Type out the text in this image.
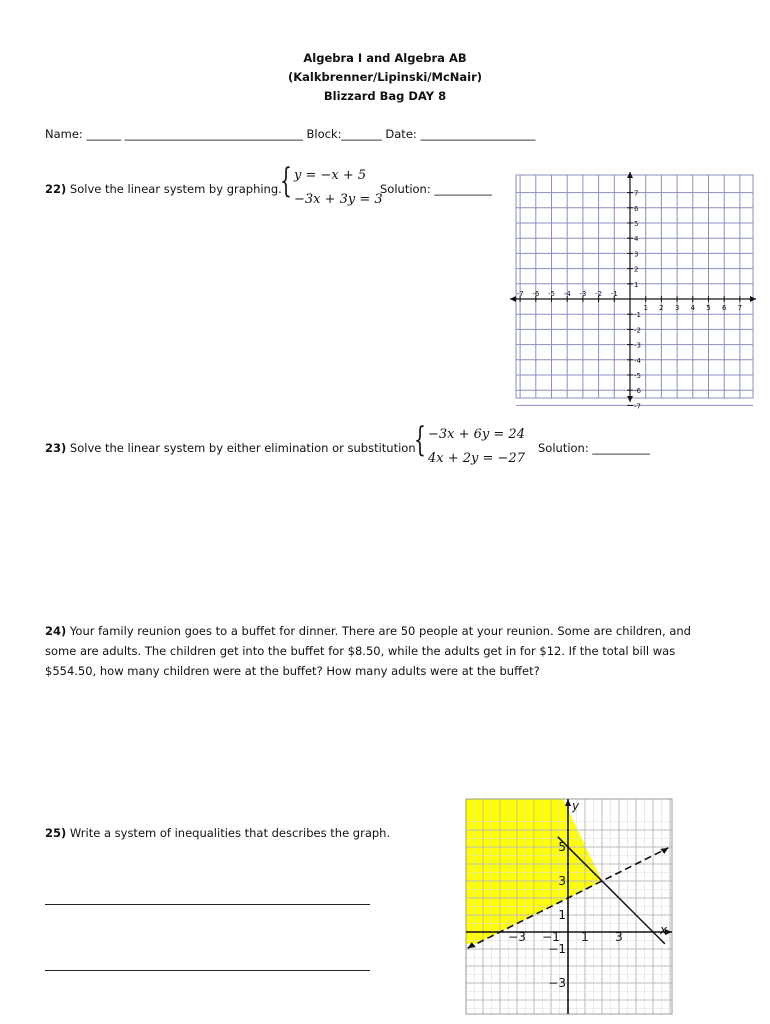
Algebra I and Algebra AB
(Kalkbrenner/Lipinski/McNair)
Blizzard Bag DAY 8
Name: ______ _______________________________ Block:_______ Date: ____________________
22) Solve the linear system by graphing.
{ y = −x + 5
−3x + 3y = 3
Solution: __________
-7 -6 -5 -4 -3 -2 -1
1 2 3 4 5 6 7
7
6
5
4
3
2
1
-1
-2
-3
-4
-5
-6
-7
23) Solve the linear system by either elimination or substitution
{ −3x + 6y = 24
4x + 2y = −27
Solution: __________
24) Your family reunion goes to a buffet for dinner. There are 50 people at your reunion. Some are children, and some are adults. The children get into the buffet for $8.50, while the adults get in for $12. If the total bill was $554.50, how many children were at the buffet? How many adults were at the buffet?
25) Write a system of inequalities that describes the graph.
x
y
−3 −1 1 3
5
3
1
−1
−3
